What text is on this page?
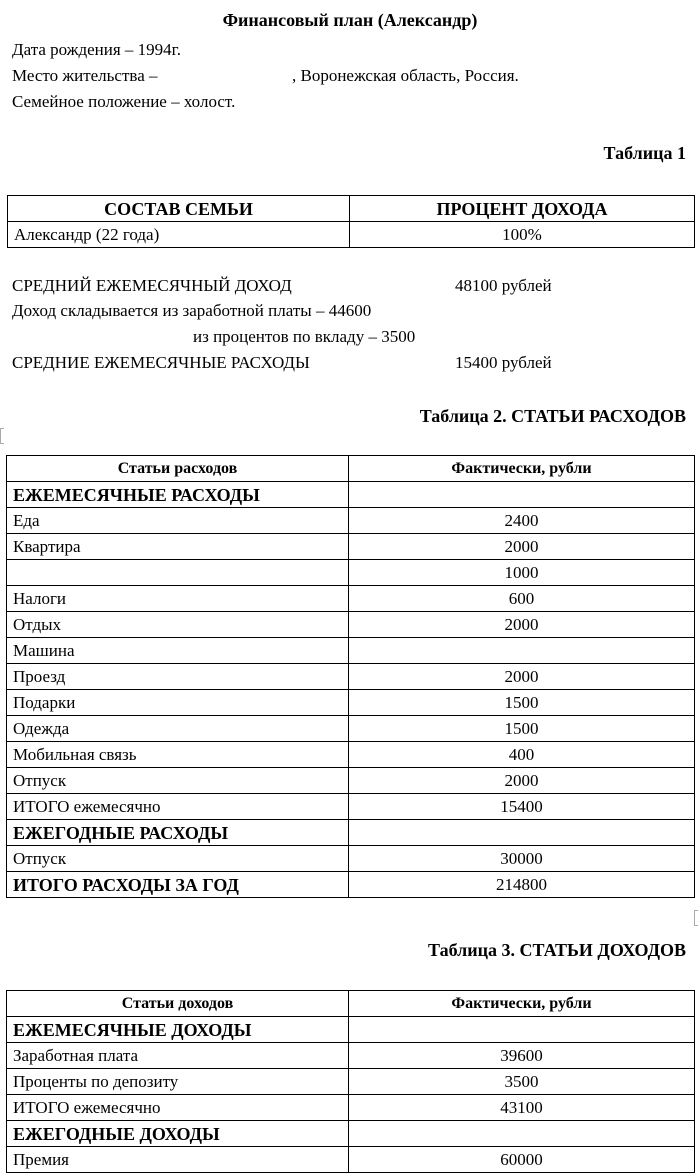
Финансовый план (Александр)
Дата рождения – 1994г.
Место жительства –	, Воронежская область, Россия.
Семейное положение – холост.
Таблица 1
СОСТАВ СЕМЬИ	ПРОЦЕНТ ДОХОДА
Александр (22 года)	100%
СРЕДНИЙ ЕЖЕМЕСЯЧНЫЙ ДОХОД	48100 рублей
Доход складывается из заработной платы – 44600
из процентов по вкладу – 3500
СРЕДНИЕ ЕЖЕМЕСЯЧНЫЕ РАСХОДЫ	15400 рублей
Таблица 2. СТАТЬИ РАСХОДОВ
Статьи расходов	Фактически, рубли
ЕЖЕМЕСЯЧНЫЕ РАСХОДЫ	
Еда	2400
Квартира	2000
	1000
Налоги	600
Отдых	2000
Машина	
Проезд	2000
Подарки	1500
Одежда	1500
Мобильная связь	400
Отпуск	2000
ИТОГО ежемесячно	15400
ЕЖЕГОДНЫЕ РАСХОДЫ	
Отпуск	30000
ИТОГО РАСХОДЫ ЗА ГОД	214800
Таблица 3. СТАТЬИ ДОХОДОВ
Статьи доходов	Фактически, рубли
ЕЖЕМЕСЯЧНЫЕ ДОХОДЫ	
Заработная плата	39600
Проценты по депозиту	3500
ИТОГО ежемесячно	43100
ЕЖЕГОДНЫЕ ДОХОДЫ	
Премия	60000
